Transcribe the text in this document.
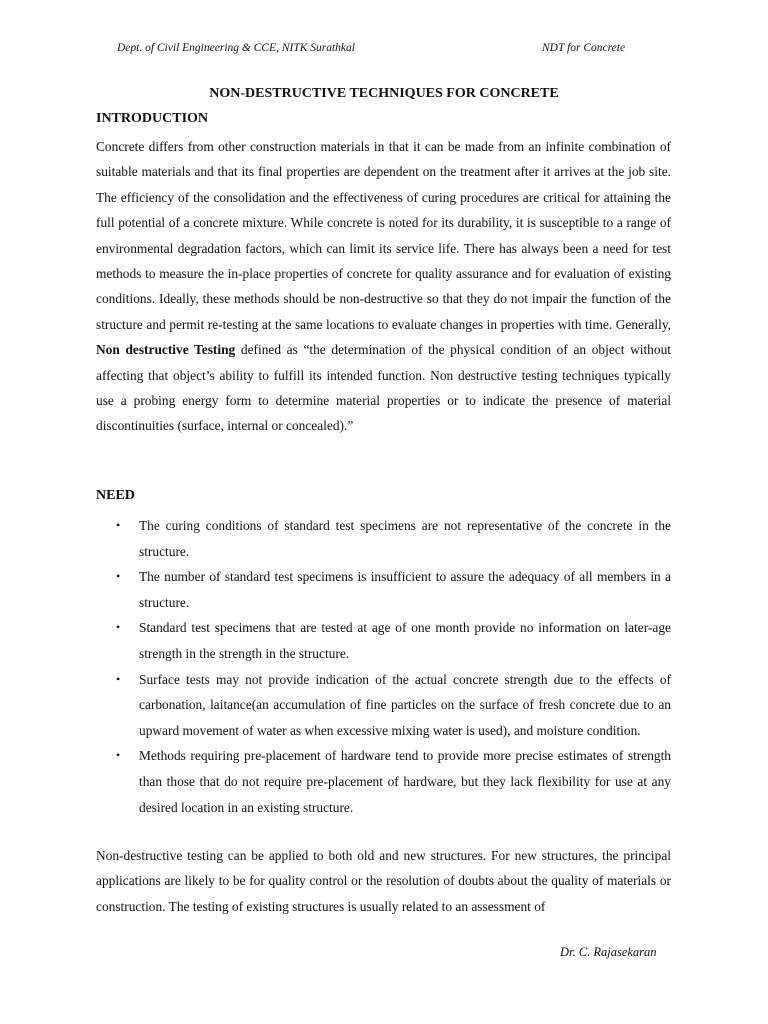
Dept. of Civil Engineering & CCE, NITK Surathkal	NDT for Concrete
NON-DESTRUCTIVE TECHNIQUES FOR CONCRETE
INTRODUCTION
Concrete differs from other construction materials in that it can be made from an infinite combination of suitable materials and that its final properties are dependent on the treatment after it arrives at the job site. The efficiency of the consolidation and the effectiveness of curing procedures are critical for attaining the full potential of a concrete mixture. While concrete is noted for its durability, it is susceptible to a range of environmental degradation factors, which can limit its service life. There has always been a need for test methods to measure the in-place properties of concrete for quality assurance and for evaluation of existing conditions. Ideally, these methods should be non-destructive so that they do not impair the function of the structure and permit re-testing at the same locations to evaluate changes in properties with time. Generally, Non destructive Testing defined as “the determination of the physical condition of an object without affecting that object’s ability to fulfill its intended function. Non destructive testing techniques typically use a probing energy form to determine material properties or to indicate the presence of material discontinuities (surface, internal or concealed).”
NEED
• The curing conditions of standard test specimens are not representative of the concrete in the structure.
• The number of standard test specimens is insufficient to assure the adequacy of all members in a structure.
• Standard test specimens that are tested at age of one month provide no information on later-age strength in the strength in the structure.
• Surface tests may not provide indication of the actual concrete strength due to the effects of carbonation, laitance(an accumulation of fine particles on the surface of fresh concrete due to an upward movement of water as when excessive mixing water is used), and moisture condition.
• Methods requiring pre-placement of hardware tend to provide more precise estimates of strength than those that do not require pre-placement of hardware, but they lack flexibility for use at any desired location in an existing structure.
Non-destructive testing can be applied to both old and new structures. For new structures, the principal applications are likely to be for quality control or the resolution of doubts about the quality of materials or construction. The testing of existing structures is usually related to an assessment of
Dr. C. Rajasekaran
